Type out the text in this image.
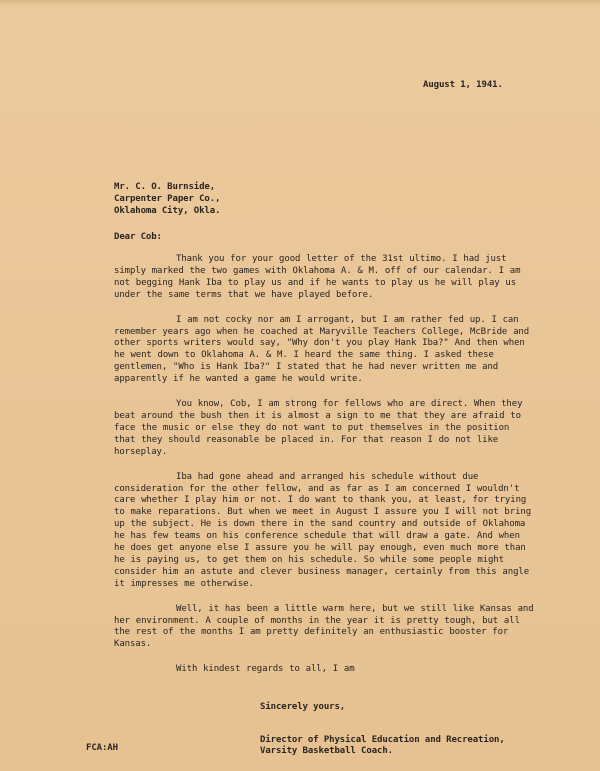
August 1, 1941.
Mr. C. O. Burnside,
Carpenter Paper Co.,
Oklahoma City, Okla.
Dear Cob:

Thank you for your good letter of the 31st ultimo. I had just simply marked the two games with Oklahoma A. & M. off of our calendar. I am not begging Hank Iba to play us and if he wants to play us he will play us under the same terms that we have played before.

I am not cocky nor am I arrogant, but I am rather fed up. I can remember years ago when he coached at Maryville Teachers College, McBride and other sports writers would say, "Why don't you play Hank Iba?" And then when he went down to Oklahoma A. & M. I heard the same thing. I asked these gentlemen, "Who is Hank Iba?" I stated that he had never written me and apparently if he wanted a game he would write.

You know, Cob, I am strong for fellows who are direct. When they beat around the bush then it is almost a sign to me that they are afraid to face the music or else they do not want to put themselves in the position that they should reasonable be placed in. For that reason I do not like horseplay.

Iba had gone ahead and arranged his schedule without due consideration for the other fellow, and as far as I am concerned I wouldn't care whether I play him or not. I do want to thank you, at least, for trying to make reparations. But when we meet in August I assure you I will not bring up the subject. He is down there in the sand country and outside of Oklahoma he has few teams on his conference schedule that will draw a gate. And when he does get anyone else I assure you he will pay enough, even much more than he is paying us, to get them on his schedule. So while some people might consider him an astute and clever business manager, certainly from this angle it impresses me otherwise.

Well, it has been a little warm here, but we still like Kansas and her environment. A couple of months in the year it is pretty tough, but all the rest of the months I am pretty definitely an enthusiastic booster for Kansas.

With kindest regards to all, I am

Sincerely yours,
Director of Physical Education and Recreation,
Varsity Basketball Coach.
FCA:AH
